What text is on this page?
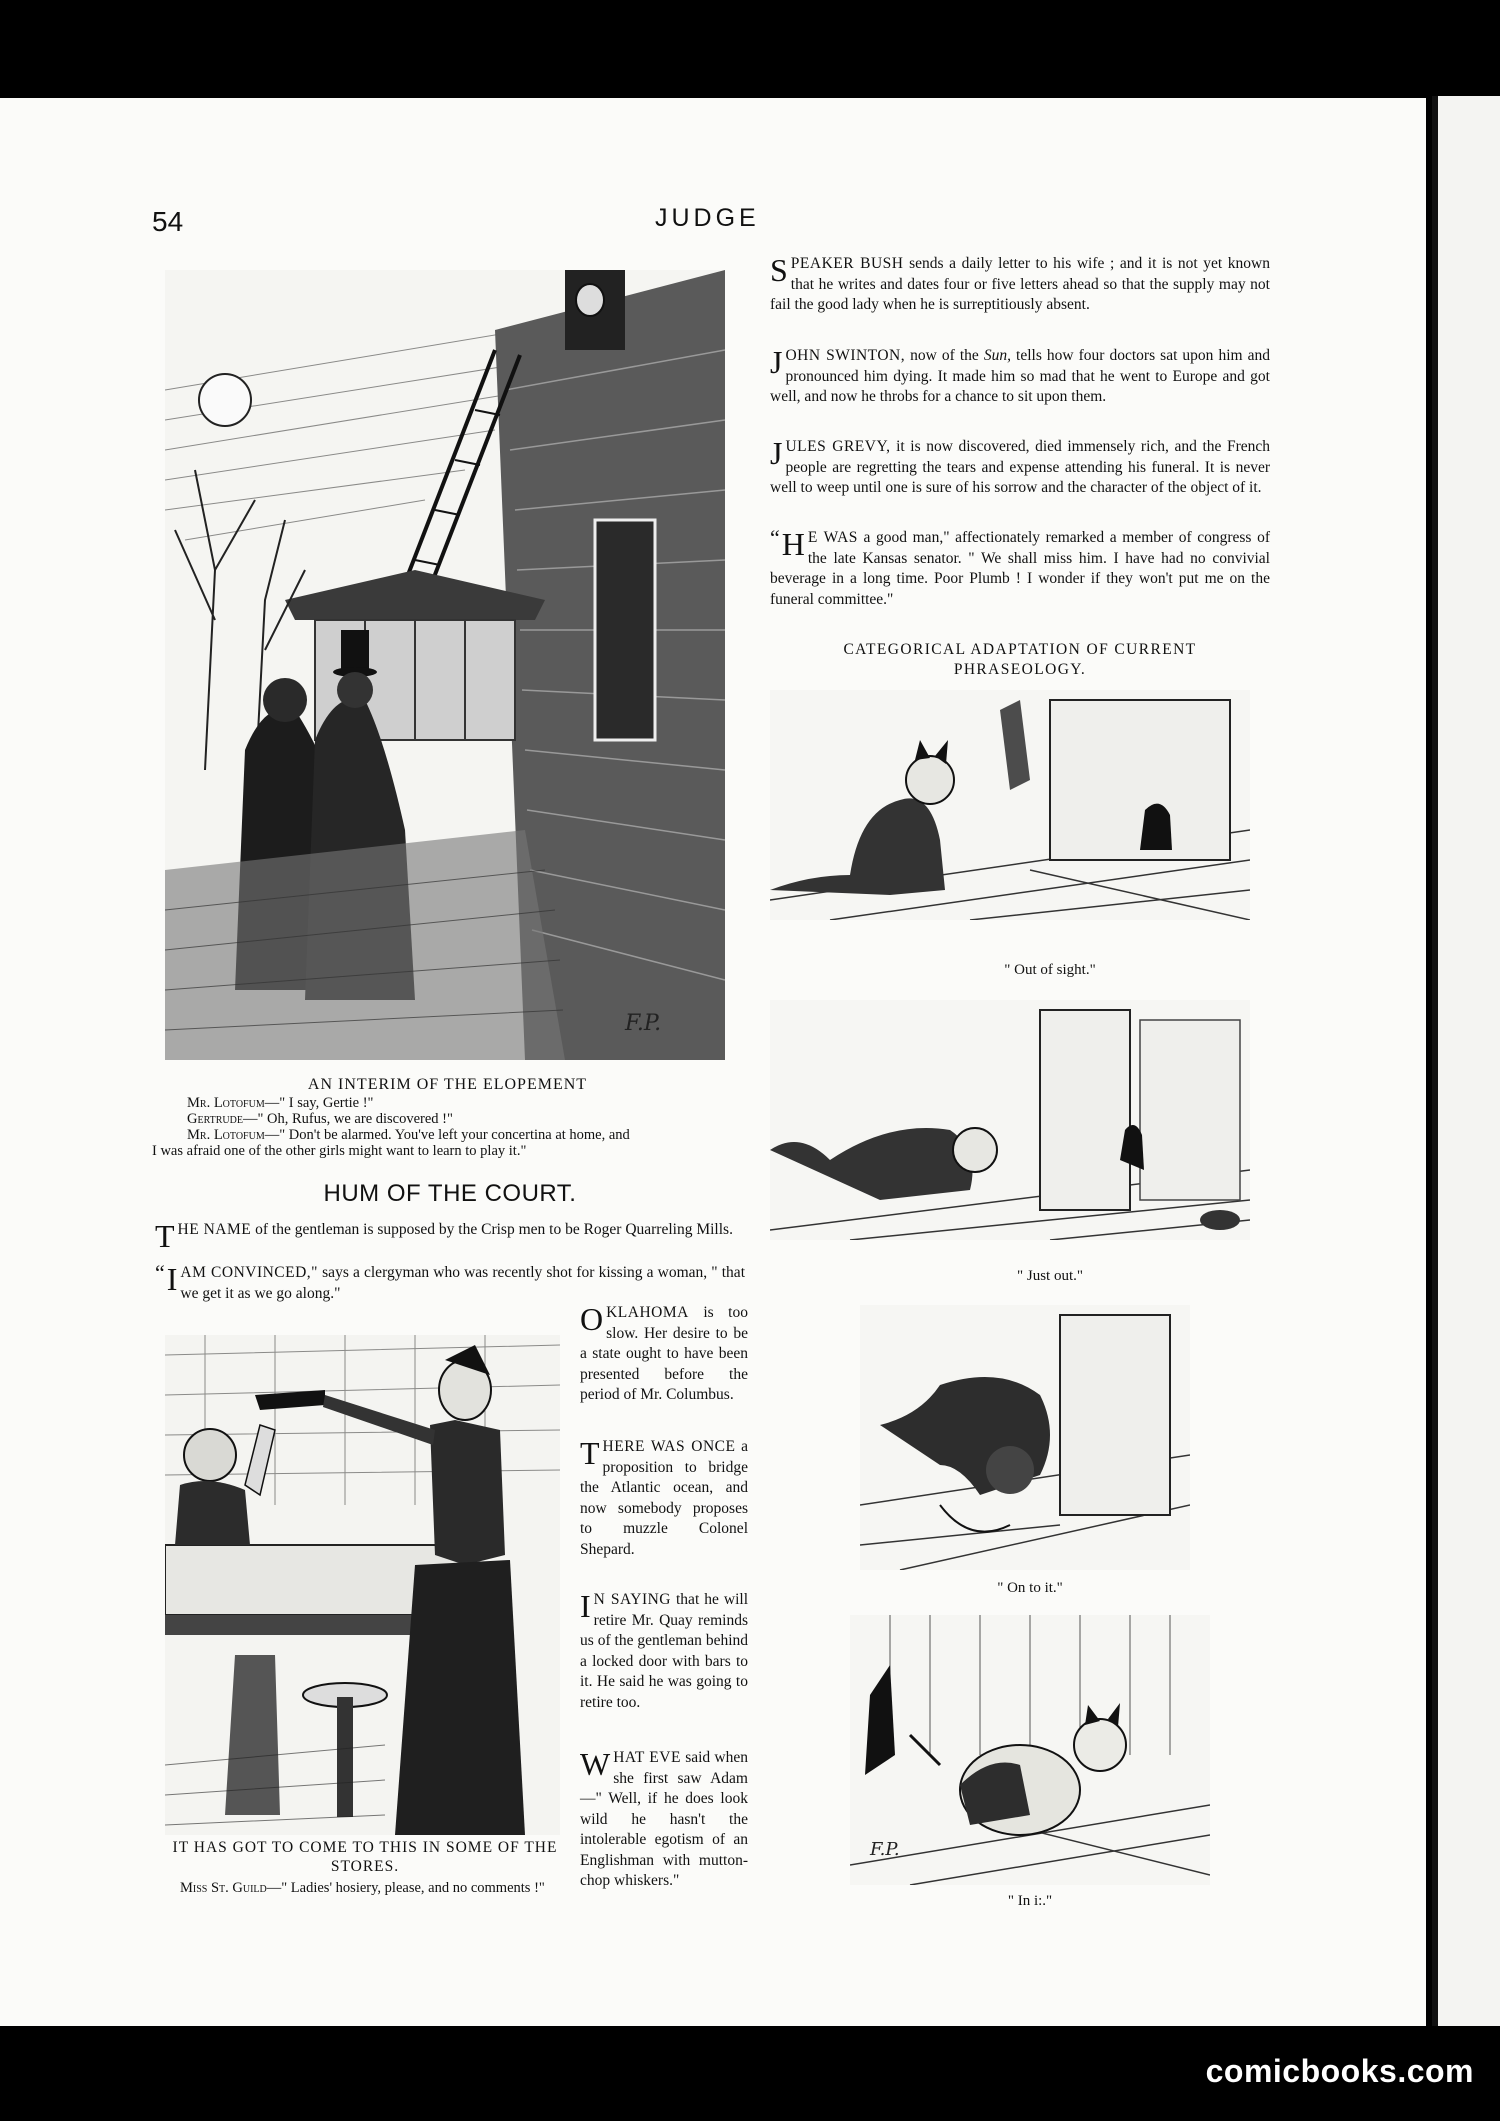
comicbooks.com
54	JUDGE
F.P.
AN INTERIM OF THE ELOPEMENT
Mr. Lotofum—" I say, Gertie !"
Gertrude—" Oh, Rufus, we are discovered !"
Mr. Lotofum—" Don't be alarmed. You've left your concertina at home, and
I was afraid one of the other girls might want to learn to play it."
HUM OF THE COURT.
THE NAME of the gentleman is supposed by the Crisp men to be Roger Quarreling Mills.
“ I AM CONVINCED," says a clergyman who was recently shot for kissing a woman, " that we get it as we go along."
IT HAS GOT TO COME TO THIS IN SOME OF THE STORES.
Miss St. Guild—" Ladies' hosiery, please, and no comments !"
OKLAHOMA is too slow. Her desire to be a state ought to have been presented before the period of Mr. Columbus.
THERE WAS ONCE a proposition to bridge the Atlantic ocean, and now somebody proposes to muzzle Colonel Shepard.
I N SAYING that he will retire Mr. Quay reminds us of the gentleman behind a locked door with bars to it. He said he was going to retire too.
WHAT EVE said when she first saw Adam —" Well, if he does look wild he hasn't the intolerable egotism of an Englishman with mutton-chop whiskers."
SPEAKER BUSH sends a daily letter to his wife ; and it is not yet known that he writes and dates four or five letters ahead so that the supply may not fail the good lady when he is surreptitiously absent.
JOHN SWINTON, now of the Sun, tells how four doctors sat upon him and pronounced him dying. It made him so mad that he went to Europe and got well, and now he throbs for a chance to sit upon them.
JULES GREVY, it is now discovered, died immensely rich, and the French people are regretting the tears and expense attending his funeral. It is never well to weep until one is sure of his sorrow and the character of the object of it.
“ H E WAS a good man," affectionately remarked a member of congress of the late Kansas senator. " We shall miss him. I have had no convivial beverage in a long time. Poor Plumb ! I wonder if they won't put me on the funeral committee."
CATEGORICAL ADAPTATION OF CURRENT PHRASEOLOGY.
" Out of sight."
" Just out."
" On to it."
F.P.
" In i:."
